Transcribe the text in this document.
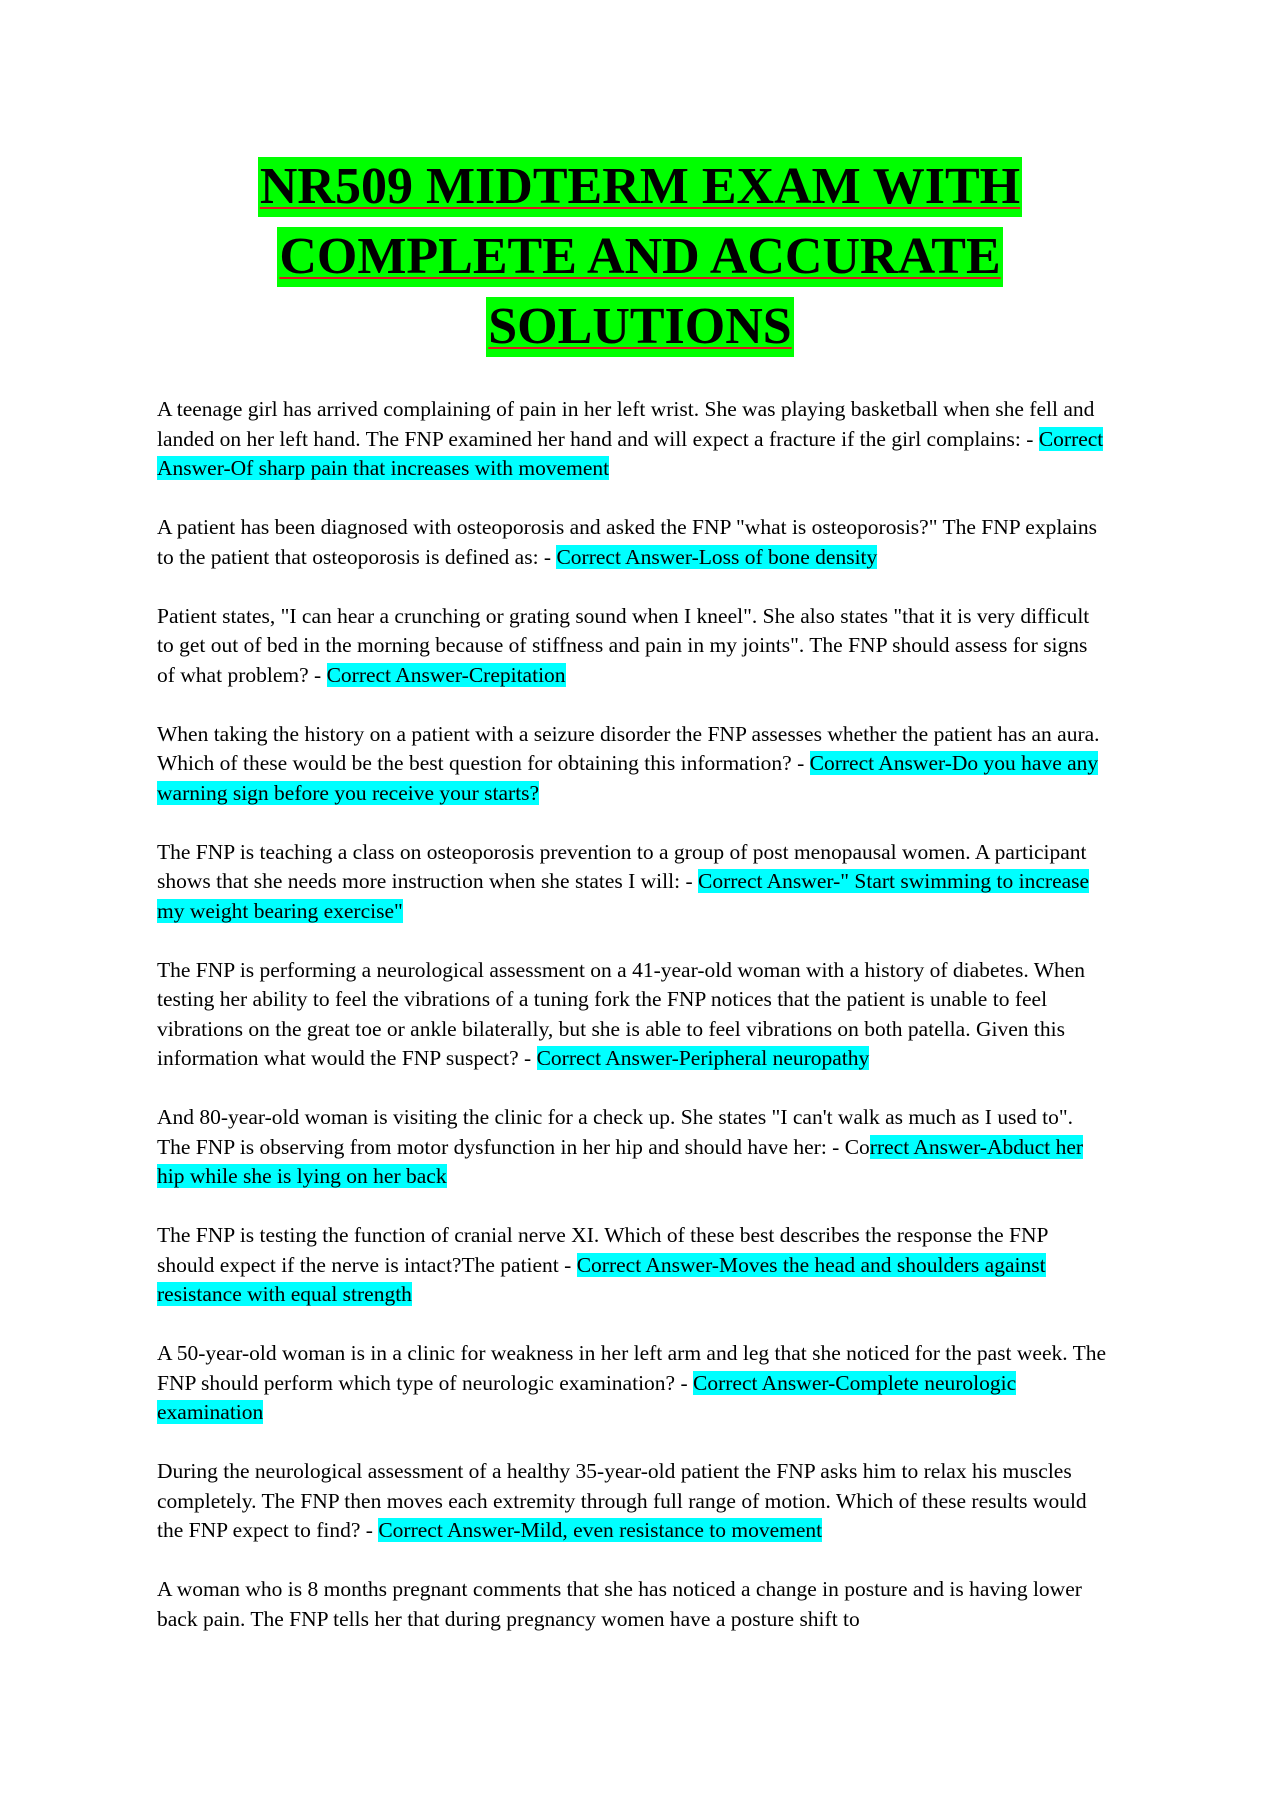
NR509 MIDTERM EXAM WITH
COMPLETE AND ACCURATE
SOLUTIONS

A teenage girl has arrived complaining of pain in her left wrist. She was playing basketball when she fell and landed on her left hand. The FNP examined her hand and will expect a fracture if the girl complains: - Correct Answer-Of sharp pain that increases with movement

A patient has been diagnosed with osteoporosis and asked the FNP "what is osteoporosis?" The FNP explains to the patient that osteoporosis is defined as: - Correct Answer-Loss of bone density

Patient states, "I can hear a crunching or grating sound when I kneel". She also states "that it is very difficult to get out of bed in the morning because of stiffness and pain in my joints". The FNP should assess for signs of what problem? - Correct Answer-Crepitation

When taking the history on a patient with a seizure disorder the FNP assesses whether the patient has an aura. Which of these would be the best question for obtaining this information? - Correct Answer-Do you have any warning sign before you receive your starts?

The FNP is teaching a class on osteoporosis prevention to a group of post menopausal women. A participant shows that she needs more instruction when she states I will: - Correct Answer-" Start swimming to increase my weight bearing exercise"

The FNP is performing a neurological assessment on a 41-year-old woman with a history of diabetes. When testing her ability to feel the vibrations of a tuning fork the FNP notices that the patient is unable to feel vibrations on the great toe or ankle bilaterally, but she is able to feel vibrations on both patella. Given this information what would the FNP suspect? - Correct Answer-Peripheral neuropathy

And 80-year-old woman is visiting the clinic for a check up. She states "I can't walk as much as I used to". The FNP is observing from motor dysfunction in her hip and should have her: - Correct Answer-Abduct her hip while she is lying on her back

The FNP is testing the function of cranial nerve XI. Which of these best describes the response the FNP should expect if the nerve is intact?The patient - Correct Answer-Moves the head and shoulders against resistance with equal strength

A 50-year-old woman is in a clinic for weakness in her left arm and leg that she noticed for the past week. The FNP should perform which type of neurologic examination? - Correct Answer-Complete neurologic examination

During the neurological assessment of a healthy 35-year-old patient the FNP asks him to relax his muscles completely. The FNP then moves each extremity through full range of motion. Which of these results would the FNP expect to find? - Correct Answer-Mild, even resistance to movement

A woman who is 8 months pregnant comments that she has noticed a change in posture and is having lower back pain. The FNP tells her that during pregnancy women have a posture shift to
